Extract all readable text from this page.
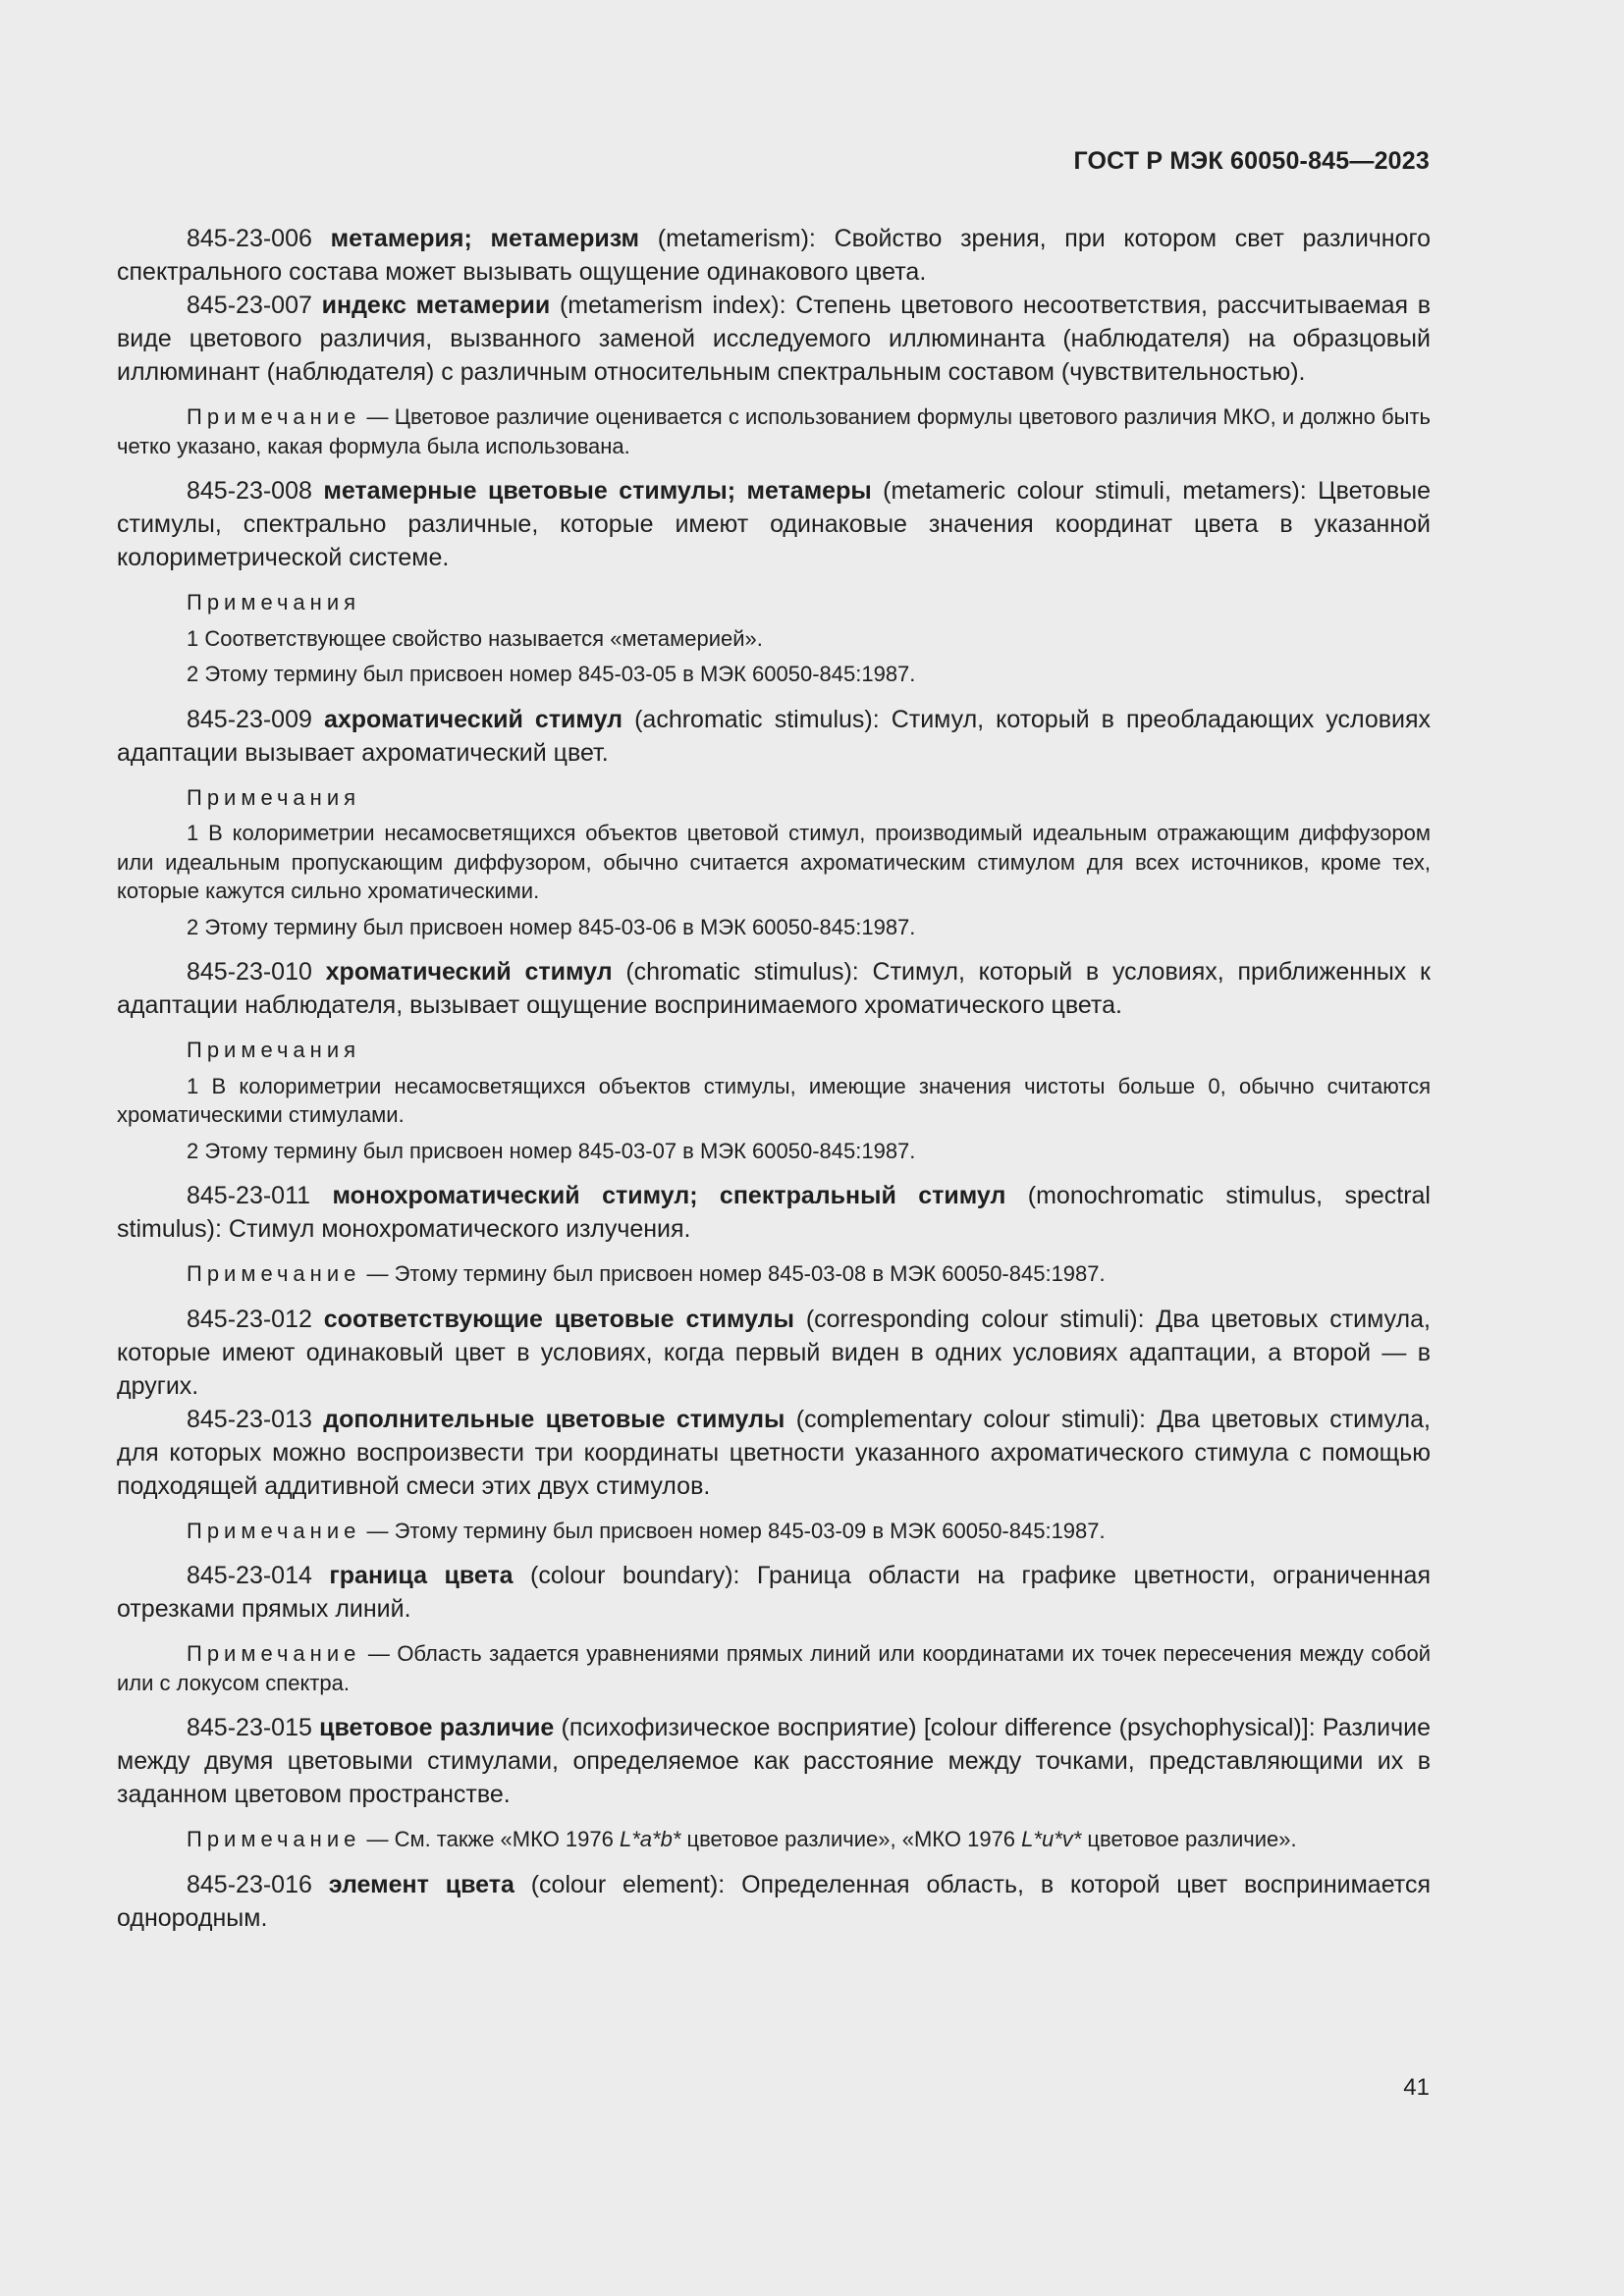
ГОСТ Р МЭК 60050-845—2023

845-23-006 метамерия; метамеризм (metamerism): Свойство зрения, при котором свет различного спектрального состава может вызывать ощущение одинакового цвета.

845-23-007 индекс метамерии (metamerism index): Степень цветового несоответствия, рассчитываемая в виде цветового различия, вызванного заменой исследуемого иллюминанта (наблюдателя) на образцовый иллюминант (наблюдателя) с различным относительным спектральным составом (чувствительностью).

Примечание — Цветовое различие оценивается с использованием формулы цветового различия МКО, и должно быть четко указано, какая формула была использована.

845-23-008 метамерные цветовые стимулы; метамеры (metameric colour stimuli, metamers): Цветовые стимулы, спектрально различные, которые имеют одинаковые значения координат цвета в указанной колориметрической системе.

Примечания

1 Соответствующее свойство называется «метамерией».

2 Этому термину был присвоен номер 845-03-05 в МЭК 60050-845:1987.

845-23-009 ахроматический стимул (achromatic stimulus): Стимул, который в преобладающих условиях адаптации вызывает ахроматический цвет.

Примечания

1 В колориметрии несамосветящихся объектов цветовой стимул, производимый идеальным отражающим диффузором или идеальным пропускающим диффузором, обычно считается ахроматическим стимулом для всех источников, кроме тех, которые кажутся сильно хроматическими.

2 Этому термину был присвоен номер 845-03-06 в МЭК 60050-845:1987.

845-23-010 хроматический стимул (chromatic stimulus): Стимул, который в условиях, приближенных к адаптации наблюдателя, вызывает ощущение воспринимаемого хроматического цвета.

Примечания

1 В колориметрии несамосветящихся объектов стимулы, имеющие значения чистоты больше 0, обычно считаются хроматическими стимулами.

2 Этому термину был присвоен номер 845-03-07 в МЭК 60050-845:1987.

845-23-011 монохроматический стимул; спектральный стимул (monochromatic stimulus, spectral stimulus): Стимул монохроматического излучения.

Примечание — Этому термину был присвоен номер 845-03-08 в МЭК 60050-845:1987.

845-23-012 соответствующие цветовые стимулы (corresponding colour stimuli): Два цветовых стимула, которые имеют одинаковый цвет в условиях, когда первый виден в одних условиях адаптации, а второй — в других.

845-23-013 дополнительные цветовые стимулы (complementary colour stimuli): Два цветовых стимула, для которых можно воспроизвести три координаты цветности указанного ахроматического стимула с помощью подходящей аддитивной смеси этих двух стимулов.

Примечание — Этому термину был присвоен номер 845-03-09 в МЭК 60050-845:1987.

845-23-014 граница цвета (colour boundary): Граница области на графике цветности, ограниченная отрезками прямых линий.

Примечание — Область задается уравнениями прямых линий или координатами их точек пересечения между собой или с локусом спектра.

845-23-015 цветовое различие (психофизическое восприятие) [colour difference (psychophysical)]: Различие между двумя цветовыми стимулами, определяемое как расстояние между точками, представляющими их в заданном цветовом пространстве.

Примечание — См. также «МКО 1976 L*a*b* цветовое различие», «МКО 1976 L*u*v* цветовое различие».

845-23-016 элемент цвета (colour element): Определенная область, в которой цвет воспринимается однородным.

41
